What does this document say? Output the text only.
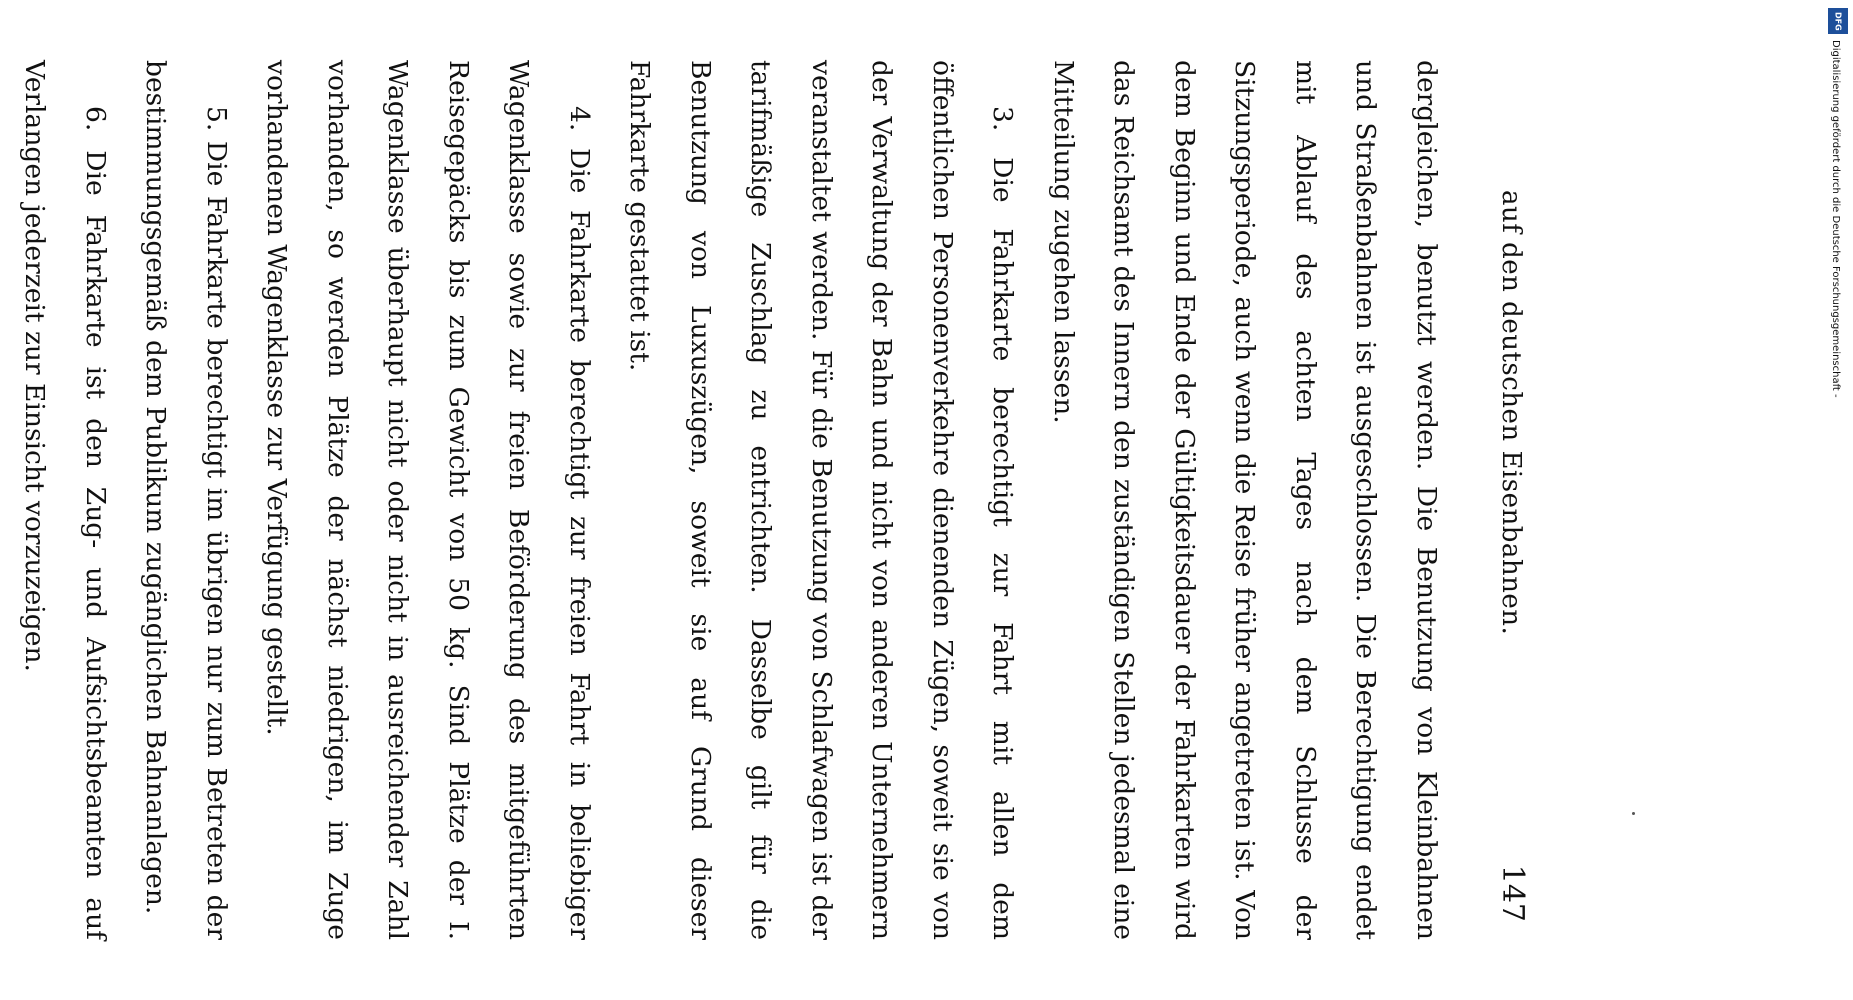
auf den deutschen Eisenbahnen.
147

dergleichen, benutzt werden. Die Benutzung von Kleinbahnen und Straßenbahnen ist ausgeschlossen. Die Berechtigung endet mit Ablauf des achten Tages nach dem Schlusse der Sitzungsperiode, auch wenn die Reise früher angetreten ist. Von dem Beginn und Ende der Gültigkeitsdauer der Fahrkarten wird das Reichsamt des Innern den zuständigen Stellen jedesmal eine Mitteilung zugehen lassen.

3. Die Fahrkarte berechtigt zur Fahrt mit allen dem öffentlichen Personenverkehre dienenden Zügen, soweit sie von der Verwaltung der Bahn und nicht von anderen Unternehmern veranstaltet werden. Für die Benutzung von Schlafwagen ist der tarifmäßige Zuschlag zu entrichten. Dasselbe gilt für die Benutzung von Luxuszügen, soweit sie auf Grund dieser Fahrkarte gestattet ist.

4. Die Fahrkarte berechtigt zur freien Fahrt in beliebiger Wagenklasse sowie zur freien Beförderung des mitgeführten Reisegepäcks bis zum Gewicht von 50 kg. Sind Plätze der I. Wagenklasse überhaupt nicht oder nicht in ausreichender Zahl vorhanden, so werden Plätze der nächst niedrigen, im Zuge vorhandenen Wagenklasse zur Verfügung gestellt.

5. Die Fahrkarte berechtigt im übrigen nur zum Betreten der bestimmungsgemäß dem Publikum zugänglichen Bahnanlagen.

6. Die Fahrkarte ist den Zug- und Aufsichtsbeamten auf Verlangen jederzeit zur Einsicht vorzuzeigen.

DFG
Digitalisierung gefördert durch die Deutsche Forschungsgemeinschaft -
